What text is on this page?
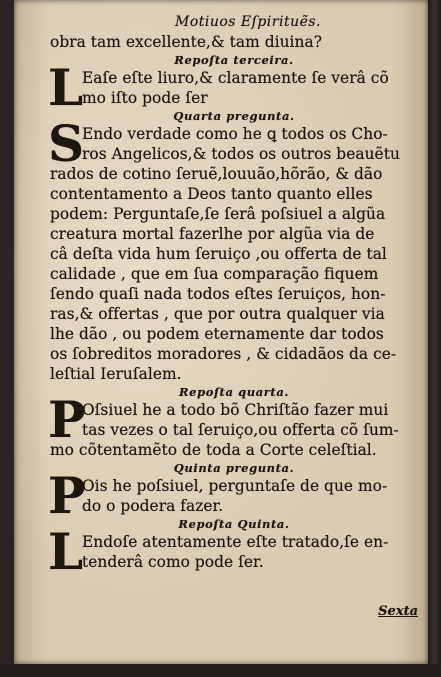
Motiuos Eſpirituẽs.
obra tam excellente,& tam diuina?
Repoſta terceira.
L
Eaſe eſte liuro,& claramente ſe verâ cõ
mo iſto pode ſer
Quarta pregunta.
S
Endo verdade como he ꝗ todos os Cho-
ros Angelicos,& todos os outros beauẽtu
rados de cotino ſeruẽ,louuão,hõrão, & dão
contentamento a Deos tanto quanto elles
podem: Perguntaſe,ſe ſerâ poſsiuel a algũa
creatura mortal fazerlhe por algũa via de
câ deſta vida hum ſeruiço ,ou offerta de tal
calidade , que em ſua comparação fiquem
ſendo quaſi nada todos eſtes ſeruiços, hon-
ras,& offertas , que por outra qualquer via
lhe dão , ou podem eternamente dar todos
os ſobreditos moradores , & cidadãos da ce-
leſtial Ieruſalem.
Repoſta quarta.
P
Oſsiuel he a todo bõ Chriſtão fazer mui
tas vezes o tal ſeruiço,ou offerta cõ ſum-
mo cõtentamẽto de toda a Corte celeſtial.
Quinta pregunta.
P
Ois he poſsiuel, perguntaſe de que mo-
do o podera fazer.
Repoſta Quinta.
L
Endoſe atentamente eſte tratado,ſe en-
tenderâ como pode ſer.
Sexta
